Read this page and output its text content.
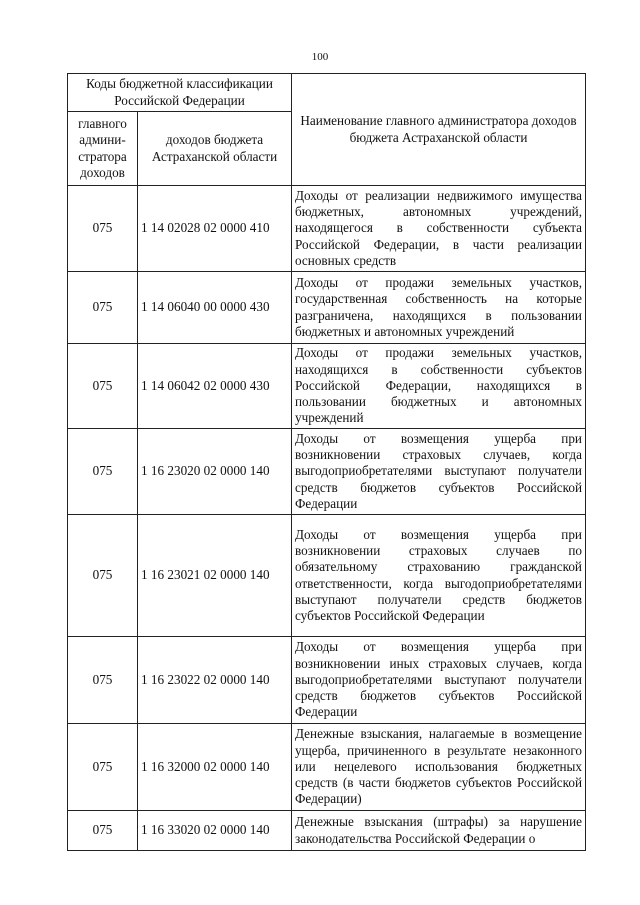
100
Коды бюджетной классификации Российской Федерации		Наименование главного администратора доходов бюджета Астраханской области
главного админи-стратора доходов	доходов бюджета Астраханской области	
075	1 14 02028 02 0000 410	Доходы от реализации недвижимого имущества бюджетных, автономных учреждений, находящегося в собственности субъекта Российской Федерации, в части реализации основных средств
075	1 14 06040 00 0000 430	Доходы от продажи земельных участков, государственная собственность на которые разграничена, находящихся в пользовании бюджетных и автономных учреждений
075	1 14 06042 02 0000 430	Доходы от продажи земельных участков, находящихся в собственности субъектов Российской Федерации, находящихся в пользовании бюджетных и автономных учреждений
075	1 16 23020 02 0000 140	Доходы от возмещения ущерба при возникновении страховых случаев, когда выгодоприобретателями выступают получатели средств бюджетов субъектов Российской Федерации
075	1 16 23021 02 0000 140	Доходы от возмещения ущерба при возникновении страховых случаев по обязательному страхованию гражданской ответственности, когда выгодоприобретателями выступают получатели средств бюджетов субъектов Российской Федерации
075	1 16 23022 02 0000 140	Доходы от возмещения ущерба при возникновении иных страховых случаев, когда выгодоприобретателями выступают получатели средств бюджетов субъектов Российской Федерации
075	1 16 32000 02 0000 140	Денежные взыскания, налагаемые в возмещение ущерба, причиненного в результате незаконного или нецелевого использования бюджетных средств (в части бюджетов субъектов Российской Федерации)
075	1 16 33020 02 0000 140	Денежные взыскания (штрафы) за нарушение законодательства Российской Федерации о
